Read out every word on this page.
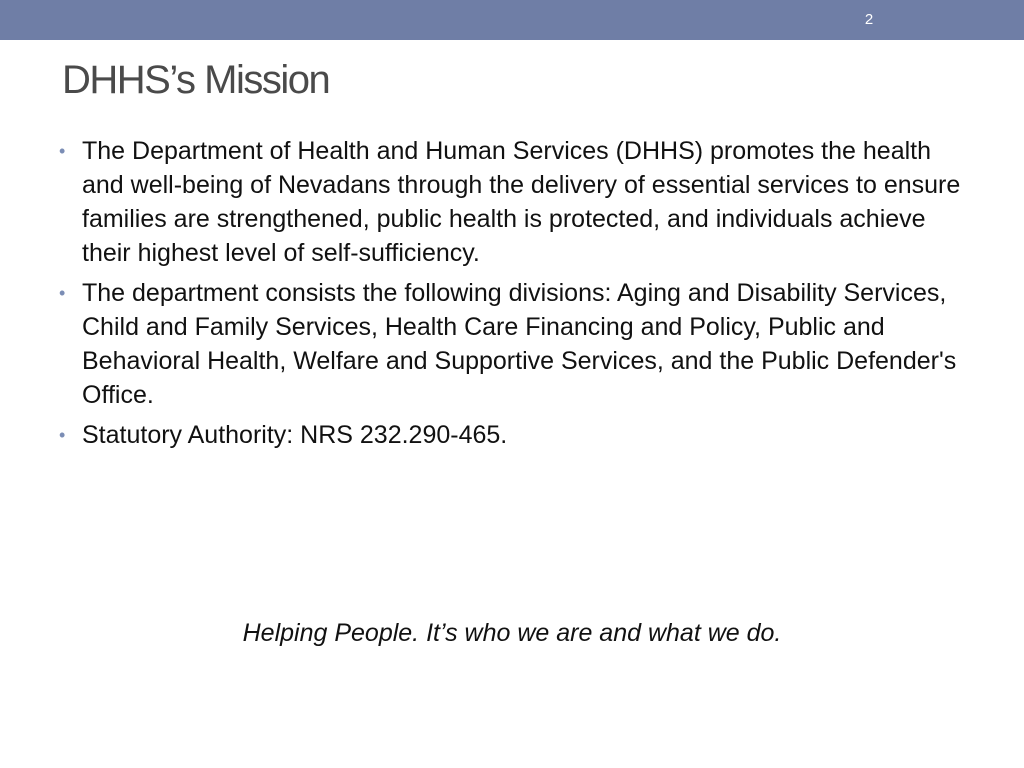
2
DHHS’s Mission
• The Department of Health and Human Services (DHHS) promotes the health and well-being of Nevadans through the delivery of essential services to ensure families are strengthened, public health is protected, and individuals achieve their highest level of self-sufficiency.
• The department consists the following divisions: Aging and Disability Services, Child and Family Services, Health Care Financing and Policy, Public and Behavioral Health, Welfare and Supportive Services, and the Public Defender's Office.
• Statutory Authority: NRS 232.290-465.
Helping People. It’s who we are and what we do.
